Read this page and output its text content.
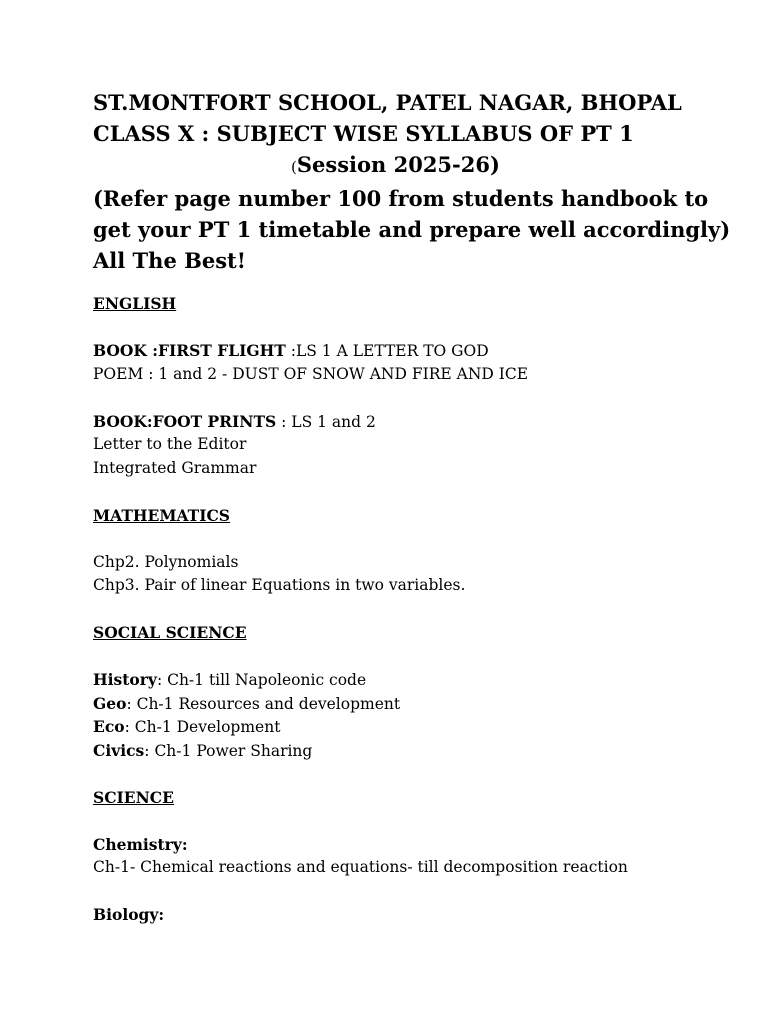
ST.MONTFORT SCHOOL, PATEL NAGAR, BHOPAL
CLASS X : SUBJECT WISE SYLLABUS OF PT 1
(Session 2025-26)
(Refer page number 100 from students handbook to
get your PT 1 timetable and prepare well accordingly)
All The Best!
ENGLISH
BOOK :FIRST FLIGHT :LS 1 A LETTER TO GOD
POEM : 1 and 2 - DUST OF SNOW AND FIRE AND ICE
BOOK:FOOT PRINTS : LS 1 and 2
Letter to the Editor
Integrated Grammar
MATHEMATICS
Chp2. Polynomials
Chp3. Pair of linear Equations in two variables.
SOCIAL SCIENCE
History: Ch-1 till Napoleonic code
Geo: Ch-1 Resources and development
Eco: Ch-1 Development
Civics: Ch-1 Power Sharing
SCIENCE
Chemistry:
Ch-1- Chemical reactions and equations- till decomposition reaction
Biology:
